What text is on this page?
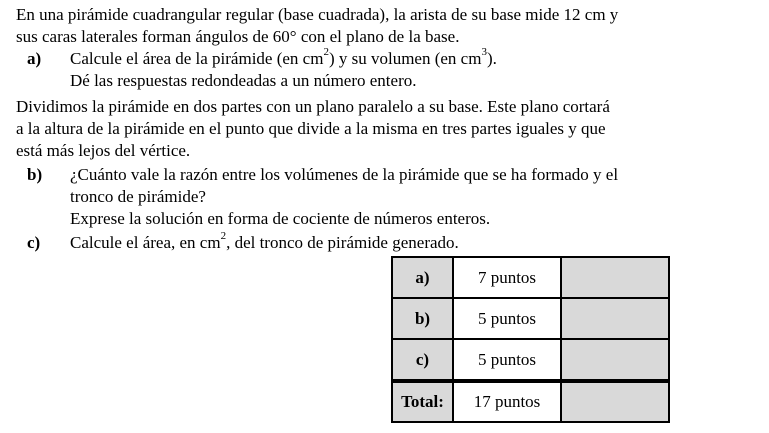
En una pirámide cuadrangular regular (base cuadrada), la arista de su base mide 12 cm y
sus caras laterales forman ángulos de 60° con el plano de la base.
a) Calcule el área de la pirámide (en $cm^2$) y su volumen (en $cm^3$).
Dé las respuestas redondeadas a un número entero.
Dividimos la pirámide en dos partes con un plano paralelo a su base. Este plano cortará
a la altura de la pirámide en el punto que divide a la misma en tres partes iguales y que
está más lejos del vértice.
b) ¿Cuánto vale la razón entre los volúmenes de la pirámide que se ha formado y el
tronco de pirámide?
Exprese la solución en forma de cociente de números enteros.
c) Calcule el área, en $cm^2$, del tronco de pirámide generado.
a)	7 puntos	
b)	5 puntos	
c)	5 puntos	
Total:	17 puntos	
